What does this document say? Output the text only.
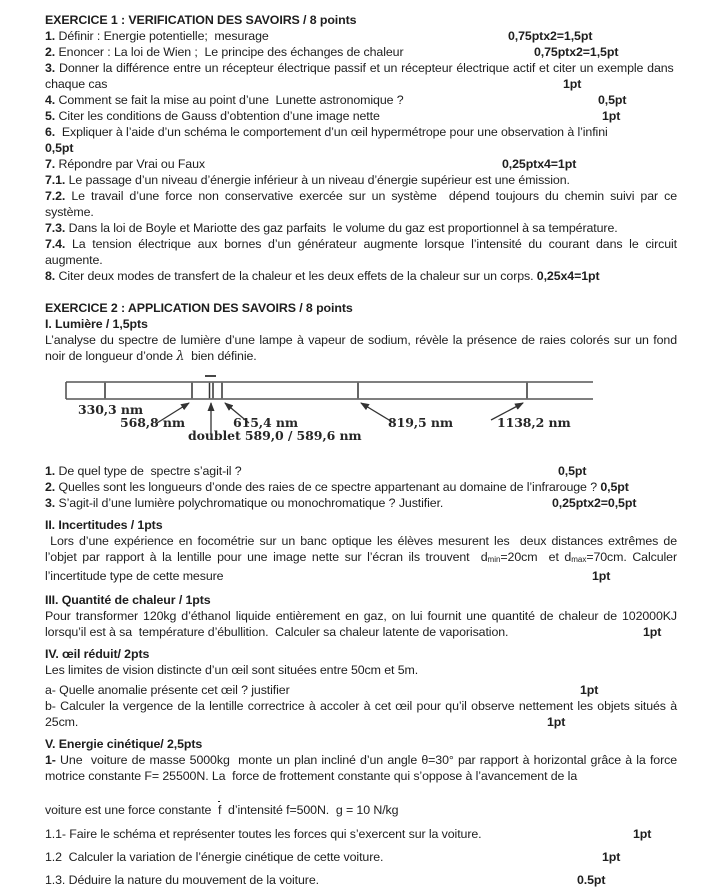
EXERCICE 1 : VERIFICATION DES SAVOIRS / 8 points
1. Définir : Energie potentielle;  mesurage	0,75ptx2=1,5pt
2. Enoncer : La loi de Wien ;  Le principe des échanges de chaleur	0,75ptx2=1,5pt
3. Donner la différence entre un récepteur électrique passif et un récepteur électrique actif et citer un exemple dans  chaque cas	1pt
4. Comment se fait la mise au point d’une  Lunette astronomique ?	0,5pt
5. Citer les conditions de Gauss d’obtention d’une image nette	1pt
6.  Expliquer à l’aide d’un schéma le comportement d’un œil hypermétrope pour une observation à l’infini
0,5pt
7. Répondre par Vrai ou Faux	0,25ptx4=1pt
7.1. Le passage d’un niveau d’énergie inférieur à un niveau d’énergie supérieur est une émission.
7.2. Le travail d’une force non conservative exercée sur un système  dépend toujours du chemin suivi par ce système.
7.3. Dans la loi de Boyle et Mariotte des gaz parfaits  le volume du gaz est proportionnel à sa température.
7.4. La tension électrique aux bornes d’un générateur augmente lorsque l’intensité du courant dans le circuit augmente.
8. Citer deux modes de transfert de la chaleur et les deux effets de la chaleur sur un corps. 0,25x4=1pt
EXERCICE 2 : APPLICATION DES SAVOIRS / 8 points
I. Lumière / 1,5pts
L’analyse du spectre de lumière d’une lampe à vapeur de sodium, révèle la présence de raies colorés sur un fond noir de longueur d’onde λ  bien définie.
330,3 nm
568,8 nm	615,4 nm
doublet 589,0 / 589,6 nm
819,5 nm	1138,2 nm
1. De quel type de  spectre s’agit-il ?	0,5pt
2. Quelles sont les longueurs d’onde des raies de ce spectre appartenant au domaine de l’infrarouge ? 0,5pt
3. S’agit-il d’une lumière polychromatique ou monochromatique ? Justifier.	0,25ptx2=0,5pt
II. Incertitudes / 1pts
Lors d’une expérience en focométrie sur un banc optique les élèves mesurent les  deux distances extrêmes de l’objet par rapport à la lentille pour une image nette sur l’écran ils trouvent  dmin=20cm  et dmax=70cm. Calculer l’incertitude type de cette mesure	1pt
III. Quantité de chaleur / 1pts
Pour transformer 120kg d’éthanol liquide entièrement en gaz, on lui fournit une quantité de chaleur de 102000KJ lorsqu’il est à sa  température d’ébullition.  Calculer sa chaleur latente de vaporisation.	1pt
IV. œil réduit/ 2pts
Les limites de vision distincte d’un œil sont situées entre 50cm et 5m.
a- Quelle anomalie présente cet œil ? justifier	1pt
b- Calculer la vergence de la lentille correctrice à accoler à cet œil pour qu’il observe nettement les objets situés à 25cm.	1pt
V. Energie cinétique/ 2,5pts
1- Une  voiture de masse 5000kg  monte un plan incliné d’un angle θ=30° par rapport à horizontal grâce à la force motrice constante F= 25500N. La  force de frottement constante qui s’oppose à l’avancement de la
voiture est une force constante  f  d’intensité f=500N.  g = 10 N/kg
1.1- Faire le schéma et représenter toutes les forces qui s’exercent sur la voiture.	1pt
1.2  Calculer la variation de l’énergie cinétique de cette voiture.	1pt
1.3. Déduire la nature du mouvement de la voiture.	0.5pt
